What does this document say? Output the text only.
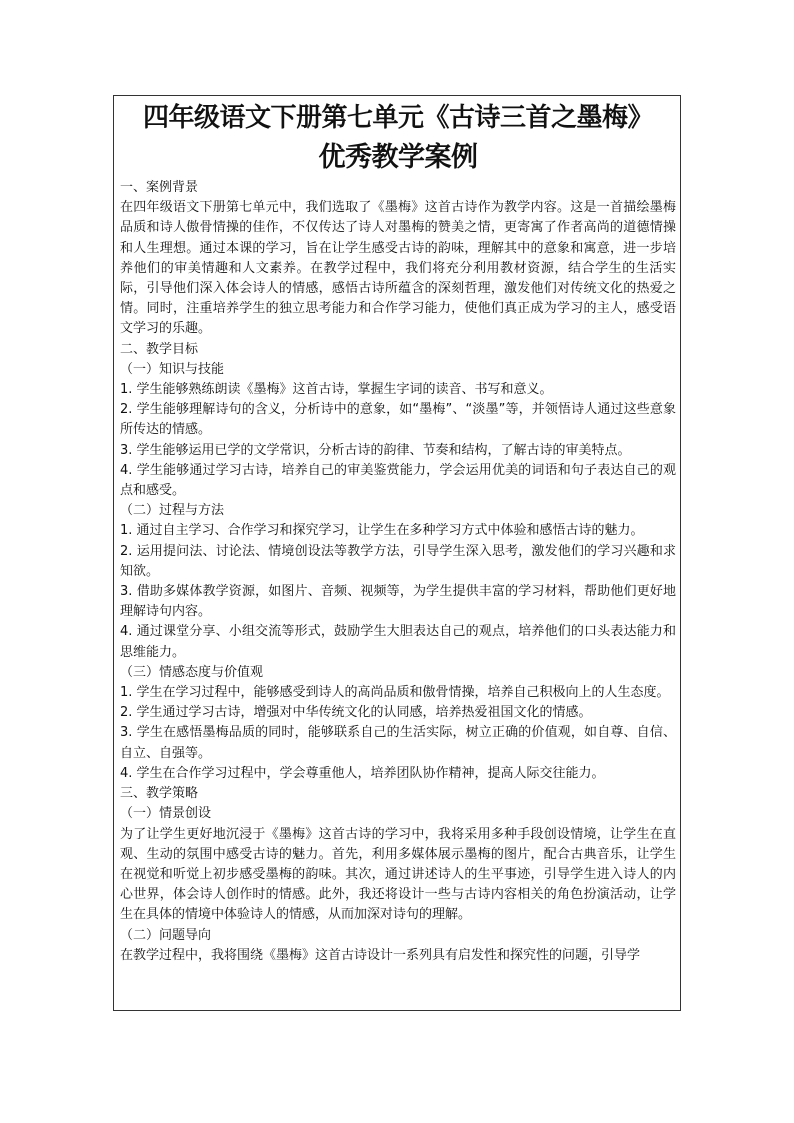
四年级语文下册第七单元《古诗三首之墨梅》
优秀教学案例

一、案例背景

在四年级语文下册第七单元中，我们选取了《墨梅》这首古诗作为教学内容。这是一首描绘墨梅品质和诗人傲骨情操的佳作，不仅传达了诗人对墨梅的赞美之情，更寄寓了作者高尚的道德情操和人生理想。通过本课的学习，旨在让学生感受古诗的韵味，理解其中的意象和寓意，进一步培养他们的审美情趣和人文素养。在教学过程中，我们将充分利用教材资源，结合学生的生活实际，引导他们深入体会诗人的情感，感悟古诗所蕴含的深刻哲理，激发他们对传统文化的热爱之情。同时，注重培养学生的独立思考能力和合作学习能力，使他们真正成为学习的主人，感受语文学习的乐趣。

二、教学目标

（一）知识与技能

1. 学生能够熟练朗读《墨梅》这首古诗，掌握生字词的读音、书写和意义。

2. 学生能够理解诗句的含义，分析诗中的意象，如“墨梅”、“淡墨”等，并领悟诗人通过这些意象所传达的情感。

3. 学生能够运用已学的文学常识，分析古诗的韵律、节奏和结构，了解古诗的审美特点。

4. 学生能够通过学习古诗，培养自己的审美鉴赏能力，学会运用优美的词语和句子表达自己的观点和感受。

（二）过程与方法

1. 通过自主学习、合作学习和探究学习，让学生在多种学习方式中体验和感悟古诗的魅力。

2. 运用提问法、讨论法、情境创设法等教学方法，引导学生深入思考，激发他们的学习兴趣和求知欲。

3. 借助多媒体教学资源，如图片、音频、视频等，为学生提供丰富的学习材料，帮助他们更好地理解诗句内容。

4. 通过课堂分享、小组交流等形式，鼓励学生大胆表达自己的观点，培养他们的口头表达能力和思维能力。

（三）情感态度与价值观

1. 学生在学习过程中，能够感受到诗人的高尚品质和傲骨情操，培养自己积极向上的人生态度。

2. 学生通过学习古诗，增强对中华传统文化的认同感，培养热爱祖国文化的情感。

3. 学生在感悟墨梅品质的同时，能够联系自己的生活实际，树立正确的价值观，如自尊、自信、自立、自强等。

4. 学生在合作学习过程中，学会尊重他人，培养团队协作精神，提高人际交往能力。

三、教学策略

（一）情景创设

为了让学生更好地沉浸于《墨梅》这首古诗的学习中，我将采用多种手段创设情境，让学生在直观、生动的氛围中感受古诗的魅力。首先，利用多媒体展示墨梅的图片，配合古典音乐，让学生在视觉和听觉上初步感受墨梅的韵味。其次，通过讲述诗人的生平事迹，引导学生进入诗人的内心世界，体会诗人创作时的情感。此外，我还将设计一些与古诗内容相关的角色扮演活动，让学生在具体的情境中体验诗人的情感，从而加深对诗句的理解。

（二）问题导向

在教学过程中，我将围绕《墨梅》这首古诗设计一系列具有启发性和探究性的问题，引导学
